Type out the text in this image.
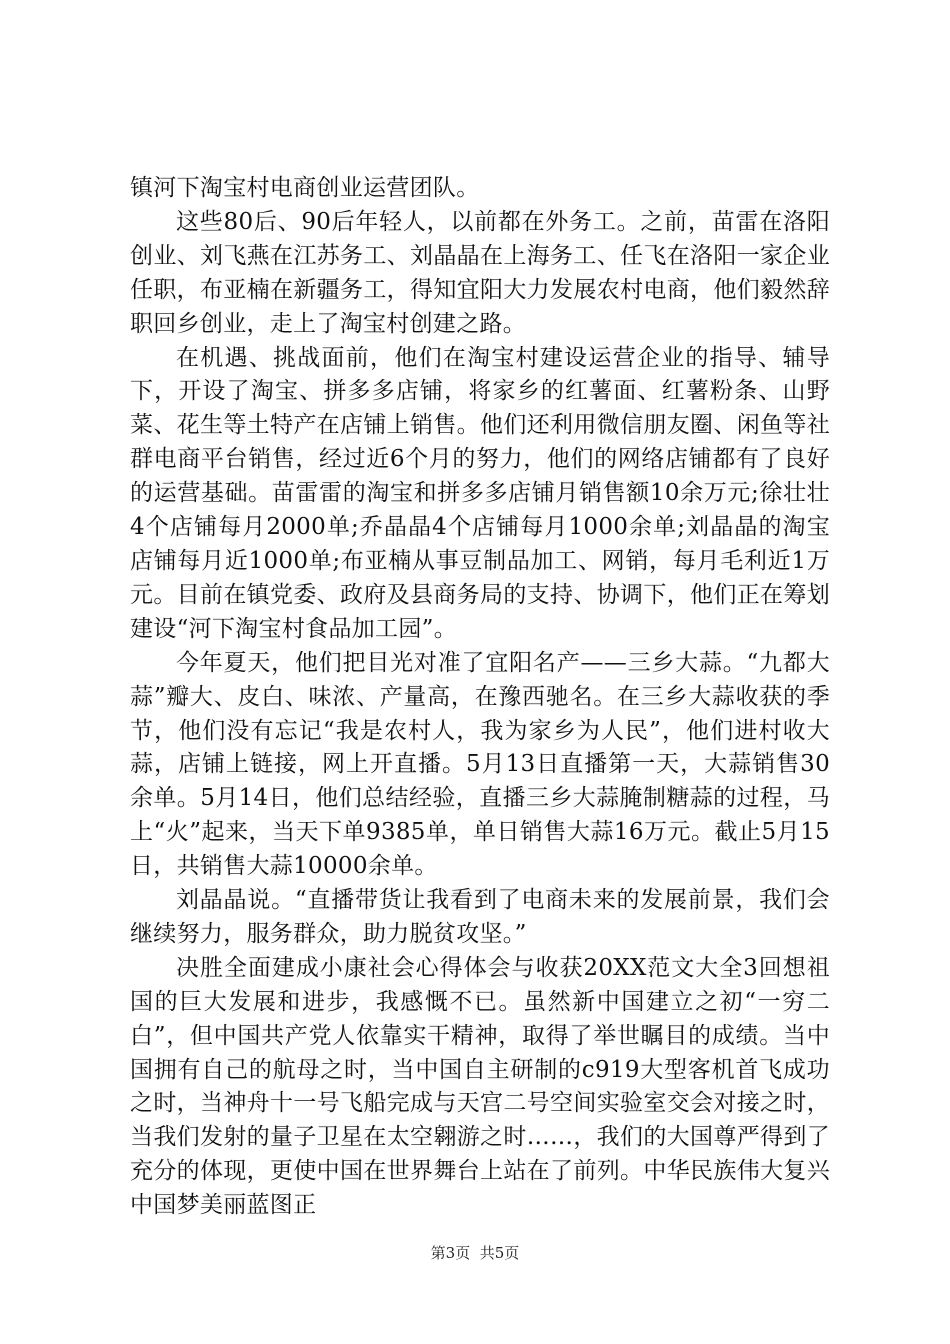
镇河下淘宝村电商创业运营团队。

这些80后、90后年轻人，以前都在外务工。之前，苗雷在洛阳创业、刘飞燕在江苏务工、刘晶晶在上海务工、任飞在洛阳一家企业任职，布亚楠在新疆务工，得知宜阳大力发展农村电商，他们毅然辞职回乡创业，走上了淘宝村创建之路。

在机遇、挑战面前，他们在淘宝村建设运营企业的指导、辅导下，开设了淘宝、拼多多店铺，将家乡的红薯面、红薯粉条、山野菜、花生等土特产在店铺上销售。他们还利用微信朋友圈、闲鱼等社群电商平台销售，经过近6个月的努力，他们的网络店铺都有了良好的运营基础。苗雷雷的淘宝和拼多多店铺月销售额10余万元;徐壮壮4个店铺每月2000单;乔晶晶4个店铺每月1000余单;刘晶晶的淘宝店铺每月近1000单;布亚楠从事豆制品加工、网销，每月毛利近1万元。目前在镇党委、政府及县商务局的支持、协调下，他们正在筹划建设“河下淘宝村食品加工园”。

今年夏天，他们把目光对准了宜阳名产——三乡大蒜。“九都大蒜”瓣大、皮白、味浓、产量高，在豫西驰名。在三乡大蒜收获的季节，他们没有忘记“我是农村人，我为家乡为人民”，他们进村收大蒜，店铺上链接，网上开直播。5月13日直播第一天，大蒜销售30余单。5月14日，他们总结经验，直播三乡大蒜腌制糖蒜的过程，马上“火”起来，当天下单9385单，单日销售大蒜16万元。截止5月15日，共销售大蒜10000余单。

刘晶晶说。“直播带货让我看到了电商未来的发展前景，我们会继续努力，服务群众，助力脱贫攻坚。”

决胜全面建成小康社会心得体会与收获20XX范文大全3回想祖国的巨大发展和进步，我感慨不已。虽然新中国建立之初“一穷二白”，但中国共产党人依靠实干精神，取得了举世瞩目的成绩。当中国拥有自己的航母之时，当中国自主研制的c919大型客机首飞成功之时，当神舟十一号飞船完成与天宫二号空间实验室交会对接之时，当我们发射的量子卫星在太空翱游之时……，我们的大国尊严得到了充分的体现，更使中国在世界舞台上站在了前列。中华民族伟大复兴中国梦美丽蓝图正

第3页 共5页
